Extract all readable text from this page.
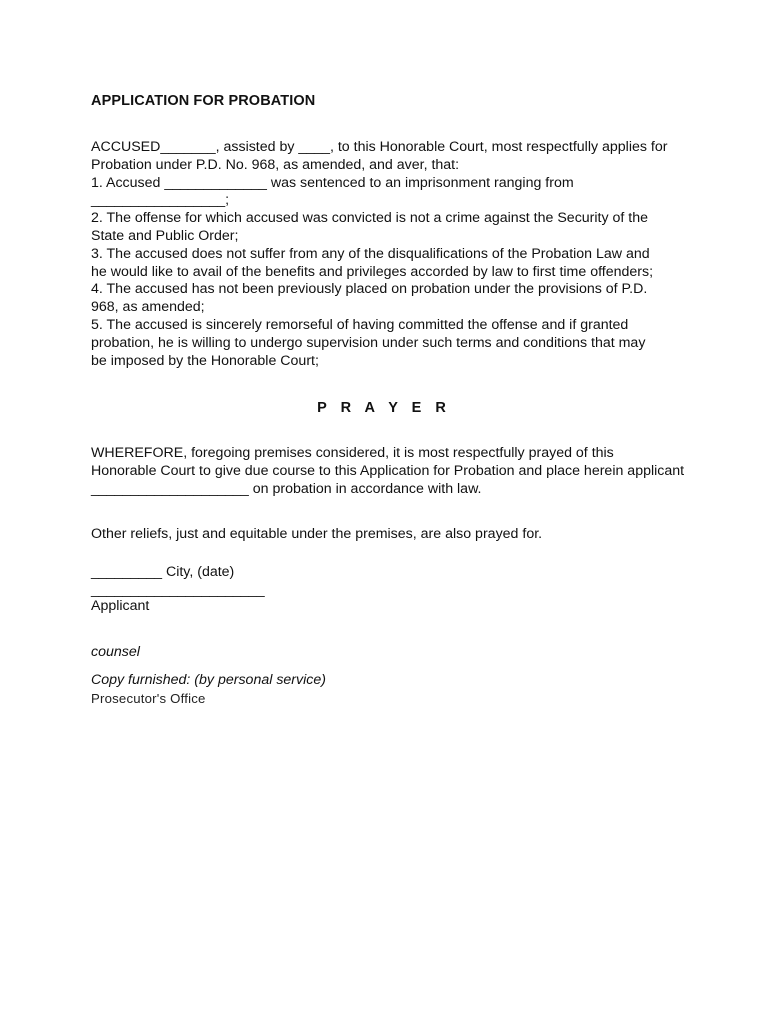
APPLICATION FOR PROBATION
ACCUSED_______, assisted by ____, to this Honorable Court, most respectfully applies for
Probation under P.D. No. 968, as amended, and aver, that:
1. Accused _____________ was sentenced to an imprisonment ranging from
_________________;
2. The offense for which accused was convicted is not a crime against the Security of the
State and Public Order;
3. The accused does not suffer from any of the disqualifications of the Probation Law and
he would like to avail of the benefits and privileges accorded by law to first time offenders;
4. The accused has not been previously placed on probation under the provisions of P.D.
968, as amended;
5. The accused is sincerely remorseful of having committed the offense and if granted
probation, he is willing to undergo supervision under such terms and conditions that may
be imposed by the Honorable Court;
P R A Y E R
WHEREFORE, foregoing premises considered, it is most respectfully prayed of this
Honorable Court to give due course to this Application for Probation and place herein applicant
____________________ on probation in accordance with law.
Other reliefs, just and equitable under the premises, are also prayed for.
_________ City, (date)
______________________
Applicant
counsel
Copy furnished: (by personal service)
Prosecutor's Office
